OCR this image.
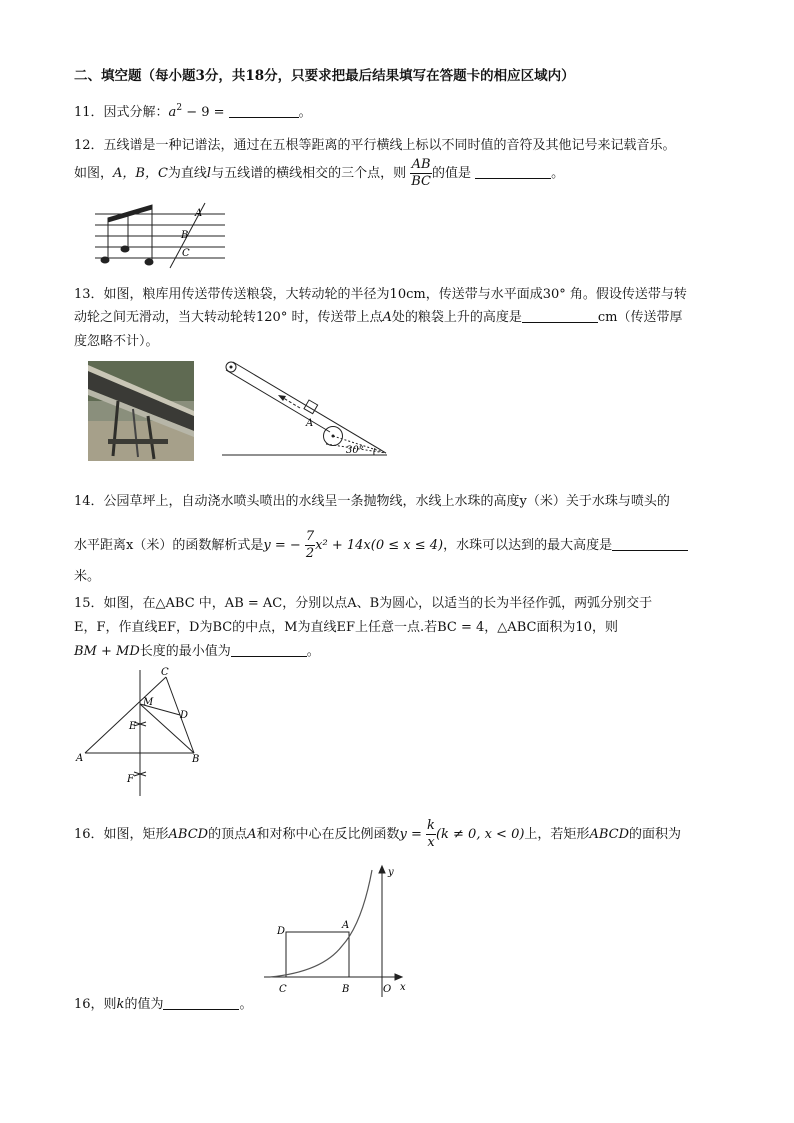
二、填空题（每小题3分，共18分，只要求把最后结果填写在答题卡的相应区域内）
11．因式分解：$a^2 - 9$ =	。
12．五线谱是一种记谱法，通过在五根等距离的平行横线上标以不同时值的音符及其他记号来记载音乐。
如图，A，B，C为直线l与五线谱的横线相交的三个点，则 $\frac{AB}{BC}$ 的值是	。
A
B
C
13．如图，粮库用传送带传送粮袋，大转动轮的半径为10cm，传送带与水平面成30° 角。假设传送带与转
动轮之间无滑动，当大转动轮转120° 时，传送带上点A处的粮袋上升的高度是	cm（传送带厚
度忽略不计）。
A
30°
14．公园草坪上，自动浇水喷头喷出的水线呈一条抛物线，水线上水珠的高度y（米）关于水珠与喷头的
水平距离x（米）的函数解析式是y = − $\frac{7}{2} x^2 + 14x(0 \le x \le 4)$，水珠可以达到的最大高度是
米。
15．如图，在△ABC 中，AB = AC，分别以点A、B为圆心，以适当的长为半径作弧，两弧分别交于
E，F，作直线EF，D为BC的中点，M为直线EF上任意一点.若BC = 4，△ABC面积为10，则
BM + MD长度的最小值为	。
C
M
D
E
A	B
F
16．如图，矩形ABCD的顶点A和对称中心在反比例函数$y = \frac{k}{x} (k \ne 0$, x < 0)上，若矩形ABCD的面积为
y
x
D
A
C	B	O
16，则k的值为	。
